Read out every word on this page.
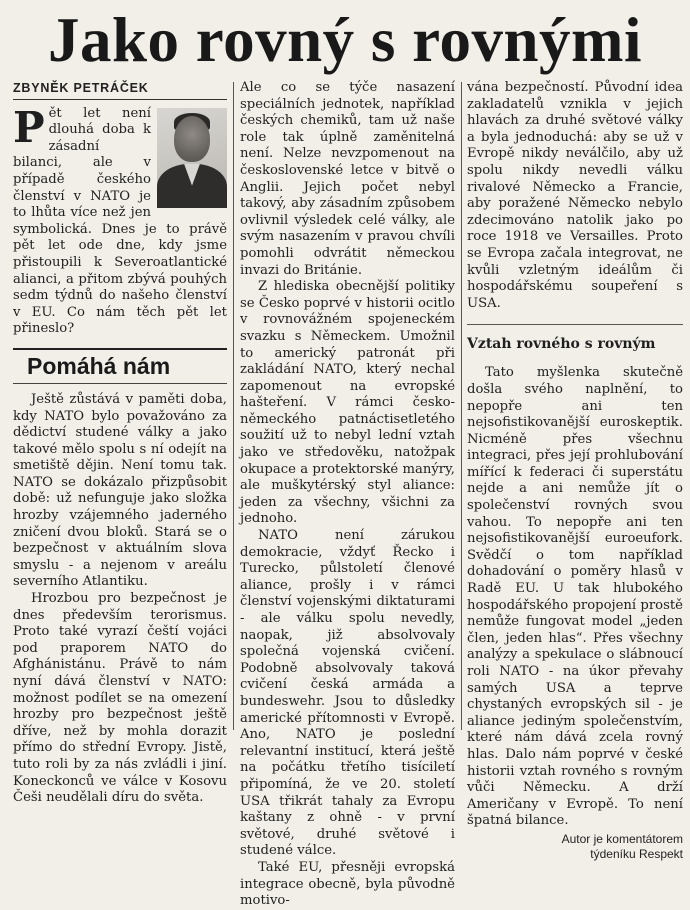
Jako rovný s rovnými
ZBYNĚK PETRÁČEK

Pět let není dlouhá doba k zásadní bilanci, ale v případě českého členství v NATO je to lhůta více než jen symbolická. Dnes je to právě pět let ode dne, kdy jsme přistoupili k Severoatlantické alianci, a přitom zbývá pouhých sedm týdnů do našeho členství v EU. Co nám těch pět let přineslo?

Pomáhá nám

Ještě zůstává v paměti doba, kdy NATO bylo považováno za dědictví studené války a jako takové mělo spolu s ní odejít na smetiště dějin. Není tomu tak. NATO se dokázalo přizpůsobit době: už nefunguje jako složka hrozby vzájemného jaderného zničení dvou bloků. Stará se o bezpečnost v aktuálním slova smyslu - a nejenom v areálu severního Atlantiku.

Hrozbou pro bezpečnost je dnes především terorismus. Proto také vyrazí čeští vojáci pod praporem NATO do Afghánistánu. Právě to nám nyní dává členství v NATO: možnost podílet se na omezení hrozby pro bezpečnost ještě dříve, než by mohla dorazit přímo do střední Evropy. Jistě, tuto roli by za nás zvládli i jiní. Koneckonců ve válce v Kosovu Češi neudělali díru do světa.

Ale co se týče nasazení speciálních jednotek, například českých chemiků, tam už naše role tak úplně zaměnitelná není. Nelze nevzpomenout na československé letce v bitvě o Anglii. Jejich počet nebyl takový, aby zásadním způsobem ovlivnil výsledek celé války, ale svým nasazením v pravou chvíli pomohli odvrátit německou invazi do Británie.

Z hlediska obecnější politiky se Česko poprvé v historii ocitlo v rovnovážném spojeneckém svazku s Německem. Umožnil to americký patronát při zakládání NATO, který nechal zapomenout na evropské hašteření. V rámci česko-německého patnáctisetletého soužití už to nebyl lední vztah jako ve středověku, natožpak okupace a protektorské manýry, ale muškytérský styl aliance: jeden za všechny, všichni za jednoho.

NATO není zárukou demokracie, vždyť Řecko i Turecko, půlstoletí členové aliance, prošly i v rámci členství vojenskými diktaturami - ale válku spolu nevedly, naopak, již absolvovaly společná vojenská cvičení. Podobně absolvovaly taková cvičení česká armáda a bundeswehr. Jsou to důsledky americké přítomnosti v Evropě. Ano, NATO je poslední relevantní institucí, která ještě na počátku třetího tisíciletí připomíná, že ve 20. století USA třikrát tahaly za Evropu kaštany z ohně - v první světové, druhé světové i studené válce.

Také EU, přesněji evropská integrace obecně, byla původně motivo-

vána bezpečností. Původní idea zakladatelů vznikla v jejich hlavách za druhé světové války a byla jednoduchá: aby se už v Evropě nikdy neválčilo, aby už spolu nikdy nevedli válku rivalové Německo a Francie, aby poražené Německo nebylo zdecimováno natolik jako po roce 1918 ve Versailles. Proto se Evropa začala integrovat, ne kvůli vzletným ideálům či hospodářskému soupeření s USA.

Vztah rovného s rovným

Tato myšlenka skutečně došla svého naplnění, to nepopře ani ten nejsofistikovanější euroskeptik. Nicméně přes všechnu integraci, přes její prohlubování mířící k federaci či superstátu nejde a ani nemůže jít o společenství rovných svou vahou. To nepopře ani ten nejsofistikovanější euroeufork. Svědčí o tom například dohadování o poměry hlasů v Radě EU. U tak hlubokého hospodářského propojení prostě nemůže fungovat model „jeden člen, jeden hlas“. Přes všechny analýzy a spekulace o slábnoucí roli NATO - na úkor převahy samých USA a teprve chystaných evropských sil - je aliance jediným společenstvím, které nám dává zcela rovný hlas. Dalo nám poprvé v české historii vztah rovného s rovným vůči Německu. A drží Američany v Evropě. To není špatná bilance.

Autor je komentátorem
týdeníku Respekt
